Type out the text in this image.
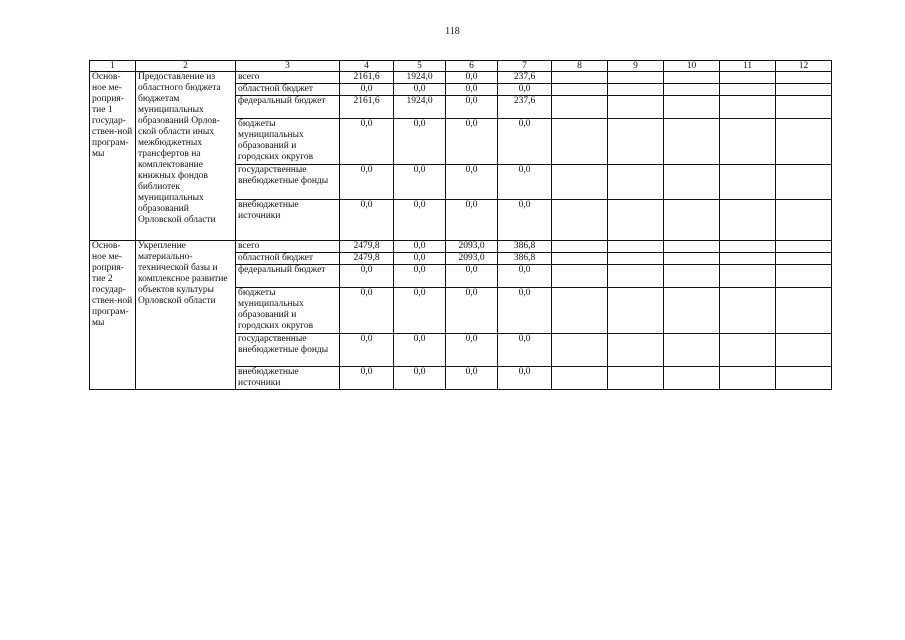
118
1	2	3	4	5	6	7	8	9	10	11	12
Основ-ное ме-роприя-тие 1 государ-ствен-ной програм-мы	Предоставление из областного бюджета бюджетам муниципальных образований Орлов-ской области иных межбюджетных трансфертов на комплектование книжных фондов библиотек муниципальных образований Орловской области	всего	2161,6	1924,0	0,0	237,6					
		областной бюджет	0,0	0,0	0,0	0,0					
		федеральный бюджет	2161,6	1924,0	0,0	237,6					
		бюджеты муниципальных образований и городских округов	0,0	0,0	0,0	0,0					
		государственные внебюджетные фонды	0,0	0,0	0,0	0,0					
		внебюджетные источники	0,0	0,0	0,0	0,0					
Основ-ное ме-роприя-тие 2 государ-ствен-ной програм-мы	Укрепление материально-технической базы и комплексное развитие объектов культуры Орловской области	всего	2479,8	0,0	2093,0	386,8					
		областной бюджет	2479,8	0,0	2093,0	386,8					
		федеральный бюджет	0,0	0,0	0,0	0,0					
		бюджеты муниципальных образований и городских округов	0,0	0,0	0,0	0,0					
		государственные внебюджетные фонды	0,0	0,0	0,0	0,0					
		внебюджетные источники	0,0	0,0	0,0	0,0					
